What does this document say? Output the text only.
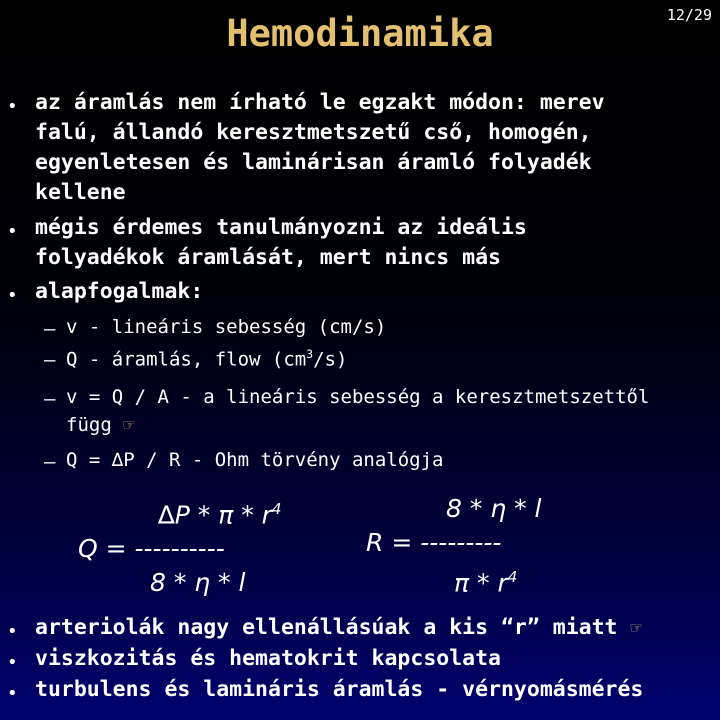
Hemodinamika	12/29
• az áramlás nem írható le egzakt módon: merev
falú, állandó keresztmetszetű cső, homogén,
egyenletesen és laminárisan áramló folyadék
kellene
• mégis érdemes tanulmányozni az ideális
folyadékok áramlását, mert nincs más
• alapfogalmak:
– v - lineáris sebesség (cm/s)
– Q - áramlás, flow $(cm^3/s)$
– v = Q / A - a lineáris sebesség a keresztmetszettől
függ ☞
– Q = ∆P / R - Ohm törvény analógja
∆P * π * $r^4$
Q = ----------
8 * η * l
8 * η * l
R = ---------
π * $r^4$
• arteriolák nagy ellenállásúak a kis “r” miatt ☞
• viszkozitás és hematokrit kapcsolata
• turbulens és lamináris áramlás - vérnyomásmérés
